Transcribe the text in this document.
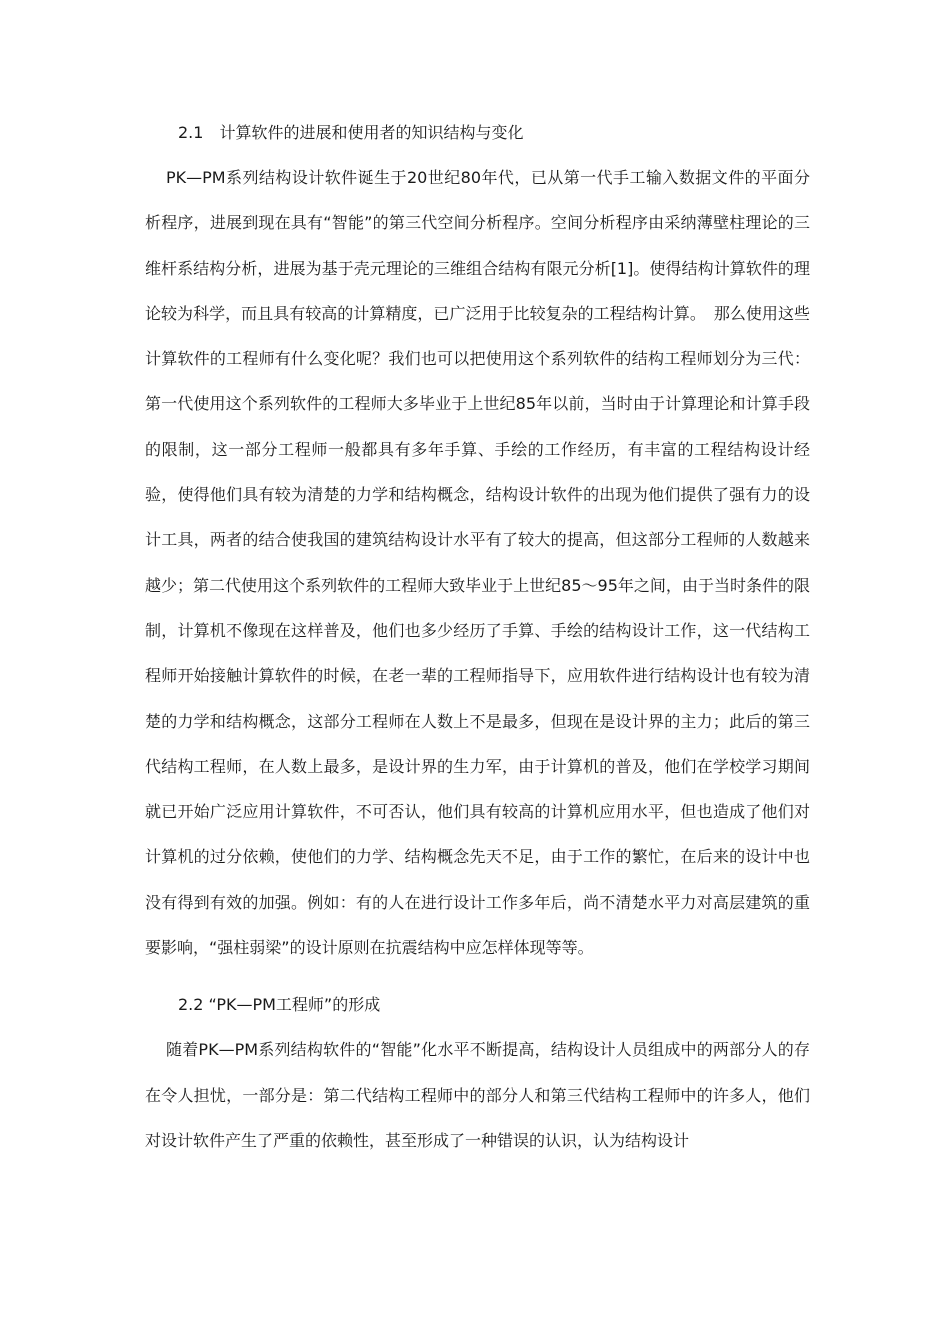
2.1　计算软件的进展和使用者的知识结构与变化

PK—PM系列结构设计软件诞生于20世纪80年代，已从第一代手工输入数据文件的平面分析程序，进展到现在具有“智能”的第三代空间分析程序。空间分析程序由采纳薄壁柱理论的三维杆系结构分析，进展为基于壳元理论的三维组合结构有限元分析[1]。使得结构计算软件的理论较为科学，而且具有较高的计算精度，已广泛用于比较复杂的工程结构计算。　那么使用这些计算软件的工程师有什么变化呢？我们也可以把使用这个系列软件的结构工程师划分为三代：第一代使用这个系列软件的工程师大多毕业于上世纪85年以前，当时由于计算理论和计算手段的限制，这一部分工程师一般都具有多年手算、手绘的工作经历，有丰富的工程结构设计经验，使得他们具有较为清楚的力学和结构概念，结构设计软件的出现为他们提供了强有力的设计工具，两者的结合使我国的建筑结构设计水平有了较大的提高，但这部分工程师的人数越来越少；第二代使用这个系列软件的工程师大致毕业于上世纪85～95年之间，由于当时条件的限制，计算机不像现在这样普及，他们也多少经历了手算、手绘的结构设计工作，这一代结构工程师开始接触计算软件的时候，在老一辈的工程师指导下，应用软件进行结构设计也有较为清楚的力学和结构概念，这部分工程师在人数上不是最多，但现在是设计界的主力；此后的第三代结构工程师，在人数上最多，是设计界的生力军，由于计算机的普及，他们在学校学习期间就已开始广泛应用计算软件，不可否认，他们具有较高的计算机应用水平，但也造成了他们对计算机的过分依赖，使他们的力学、结构概念先天不足，由于工作的繁忙，在后来的设计中也没有得到有效的加强。例如：有的人在进行设计工作多年后，尚不清楚水平力对高层建筑的重要影响，“强柱弱梁”的设计原则在抗震结构中应怎样体现等等。

2.2 “PK—PM工程师”的形成

随着PK—PM系列结构软件的“智能”化水平不断提高，结构设计人员组成中的两部分人的存在令人担忧，一部分是：第二代结构工程师中的部分人和第三代结构工程师中的许多人，他们对设计软件产生了严重的依赖性，甚至形成了一种错误的认识，认为结构设计
